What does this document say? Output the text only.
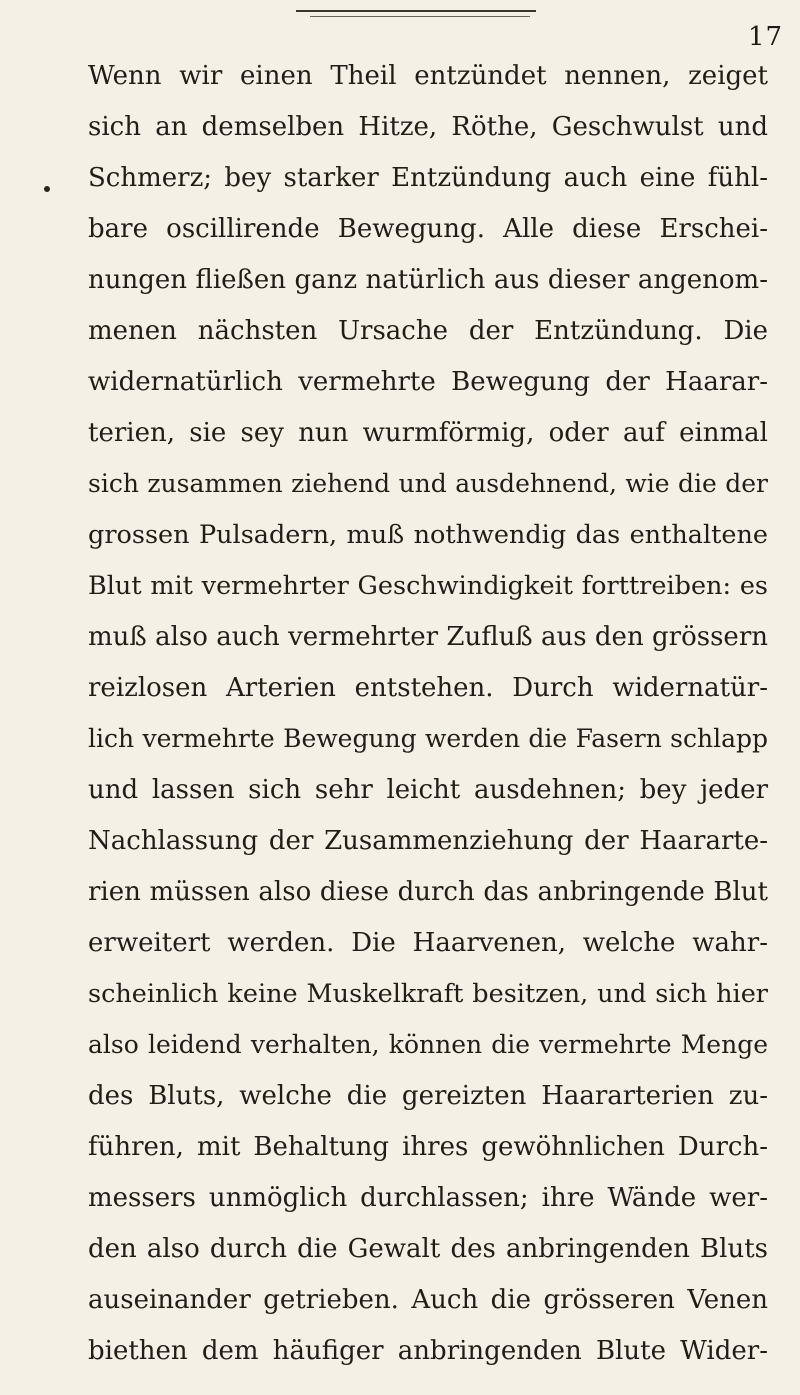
17
Wenn wir einen Theil entzündet nennen, zeiget
sich an demselben Hitze, Röthe, Geschwulst und
Schmerz; bey starker Entzündung auch eine fühl-
bare oscillirende Bewegung. Alle diese Erschei-
nungen fließen ganz natürlich aus dieser angenom-
menen nächsten Ursache der Entzündung. Die
widernatürlich vermehrte Bewegung der Haarar-
terien, sie sey nun wurmförmig, oder auf einmal
sich zusammen ziehend und ausdehnend, wie die der
grossen Pulsadern, muß nothwendig das enthaltene
Blut mit vermehrter Geschwindigkeit forttreiben: es
muß also auch vermehrter Zufluß aus den grössern
reizlosen Arterien entstehen. Durch widernatür-
lich vermehrte Bewegung werden die Fasern schlapp
und lassen sich sehr leicht ausdehnen; bey jeder
Nachlassung der Zusammenziehung der Haararte-
rien müssen also diese durch das anbringende Blut
erweitert werden. Die Haarvenen, welche wahr-
scheinlich keine Muskelkraft besitzen, und sich hier
also leidend verhalten, können die vermehrte Menge
des Bluts, welche die gereizten Haararterien zu-
führen, mit Behaltung ihres gewöhnlichen Durch-
messers unmöglich durchlassen; ihre Wände wer-
den also durch die Gewalt des anbringenden Bluts
auseinander getrieben. Auch die grösseren Venen
biethen dem häufiger anbringenden Blute Wider-
